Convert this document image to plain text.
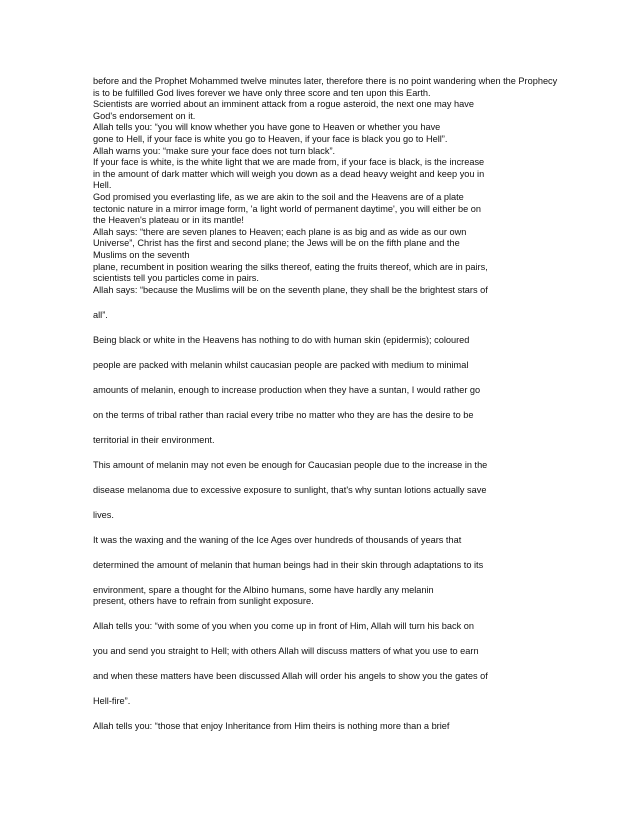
before and the Prophet Mohammed twelve minutes later, therefore there is no point wandering when the Prophecy
is to be fulfilled God lives forever we have only three score and ten upon this Earth.
Scientists are worried about an imminent attack from a rogue asteroid, the next one may have
God's endorsement on it.
Allah tells you: “you will know whether you have gone to Heaven or whether you have
gone to Hell, if your face is white you go to Heaven, if your face is black you go to Hell”.
Allah warns you: “make sure your face does not turn black”.
If your face is white, is the white light that we are made from, if your face is black, is the increase
in the amount of dark matter which will weigh you down as a dead heavy weight and keep you in
Hell.
God promised you everlasting life, as we are akin to the soil and the Heavens are of a plate
tectonic nature in a mirror image form, 'a light world of permanent daytime', you will either be on
the Heaven's plateau or in its mantle!
Allah says: “there are seven planes to Heaven; each plane is as big and as wide as our own
Universe”, Christ has the first and second plane; the Jews will be on the fifth plane and the
Muslims on the seventh
plane, recumbent in position wearing the silks thereof, eating the fruits thereof, which are in pairs,
scientists tell you particles come in pairs.
Allah says: “because the Muslims will be on the seventh plane, they shall be the brightest stars of
all”.
Being black or white in the Heavens has nothing to do with human skin (epidermis); coloured
people are packed with melanin whilst caucasian people are packed with medium to minimal
amounts of melanin, enough to increase production when they have a suntan, I would rather go
on the terms of tribal rather than racial every tribe no matter who they are has the desire to be
territorial in their environment.
This amount of melanin may not even be enough for Caucasian people due to the increase in the
disease melanoma due to excessive exposure to sunlight, that's why suntan lotions actually save
lives.
It was the waxing and the waning of the Ice Ages over hundreds of thousands of years that
determined the amount of melanin that human beings had in their skin through adaptations to its
environment, spare a thought for the Albino humans, some have hardly any melanin
present, others have to refrain from sunlight exposure.
Allah tells you: “with some of you when you come up in front of Him, Allah will turn his back on
you and send you straight to Hell; with others Allah will discuss matters of what you use to earn
and when these matters have been discussed Allah will order his angels to show you the gates of
Hell-fire”.
Allah tells you: “those that enjoy Inheritance from Him theirs is nothing more than a brief
